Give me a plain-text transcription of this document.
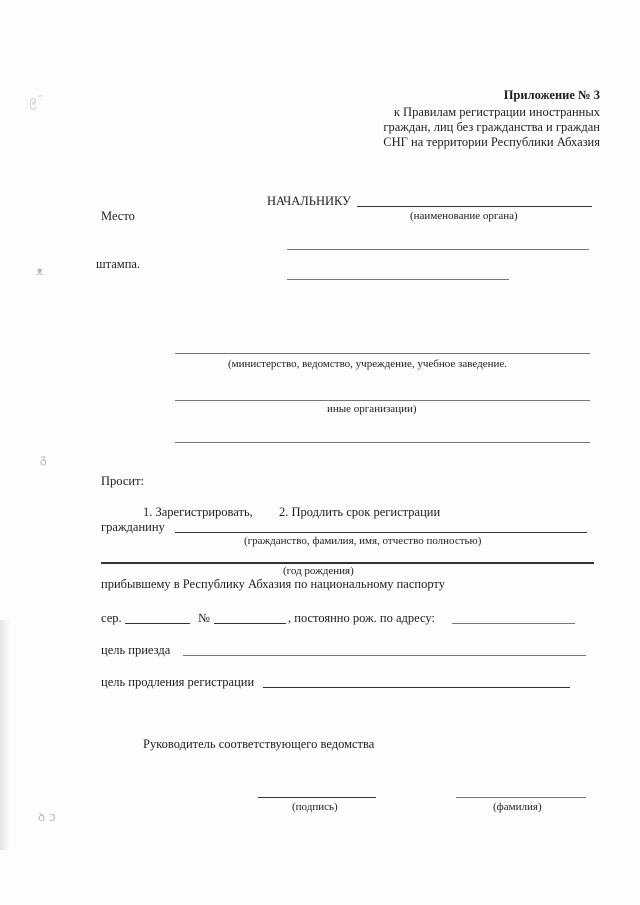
၉ ᷃
ᴥ
ᵹ
ꝺ ᴐ
Приложение № 3
к Правилам регистрации иностранных
граждан, лиц без гражданства и граждан
СНГ на территории Республики Абхазия
НАЧАЛЬНИКУ
(наименование органа)
Место
штампа.
(министерство, ведомство, учреждение, учебное заведение.
иные организации)
Просит:
1. Зарегистрировать, 2. Продлить срок регистрации
гражданину
(гражданство, фамилия, имя, отчество полностью)
(год рождения)
прибывшему в Республику Абхазия по национальному паспорту
сер.	№	, постоянно рож. по адресу:
цель приезда
цель продления регистрации
Руководитель соответствующего ведомства
(подпись)	(фамилия)
